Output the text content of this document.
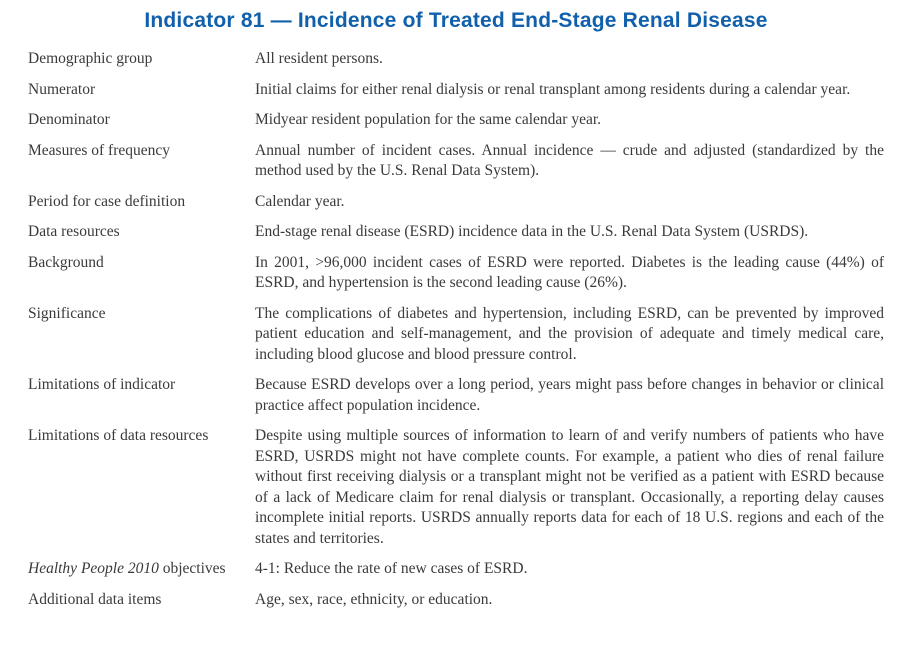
Indicator 81 — Incidence of Treated End-Stage Renal Disease
Demographic group	All resident persons.
Numerator	Initial claims for either renal dialysis or renal transplant among residents during a calendar year.
Denominator	Midyear resident population for the same calendar year.
Measures of frequency	Annual number of incident cases. Annual incidence — crude and adjusted (standardized by the method used by the U.S. Renal Data System).
Period for case definition	Calendar year.
Data resources	End-stage renal disease (ESRD) incidence data in the U.S. Renal Data System (USRDS).
Background	In 2001, >96,000 incident cases of ESRD were reported. Diabetes is the leading cause (44%) of ESRD, and hypertension is the second leading cause (26%).
Significance	The complications of diabetes and hypertension, including ESRD, can be prevented by improved patient education and self-management, and the provision of adequate and timely medical care, including blood glucose and blood pressure control.
Limitations of indicator	Because ESRD develops over a long period, years might pass before changes in behavior or clinical practice affect population incidence.
Limitations of data resources	Despite using multiple sources of information to learn of and verify numbers of patients who have ESRD, USRDS might not have complete counts. For example, a patient who dies of renal failure without first receiving dialysis or a transplant might not be verified as a patient with ESRD because of a lack of Medicare claim for renal dialysis or transplant. Occasionally, a reporting delay causes incomplete initial reports. USRDS annually reports data for each of 18 U.S. regions and each of the states and territories.
Healthy People 2010 objectives	4-1: Reduce the rate of new cases of ESRD.
Additional data items	Age, sex, race, ethnicity, or education.
